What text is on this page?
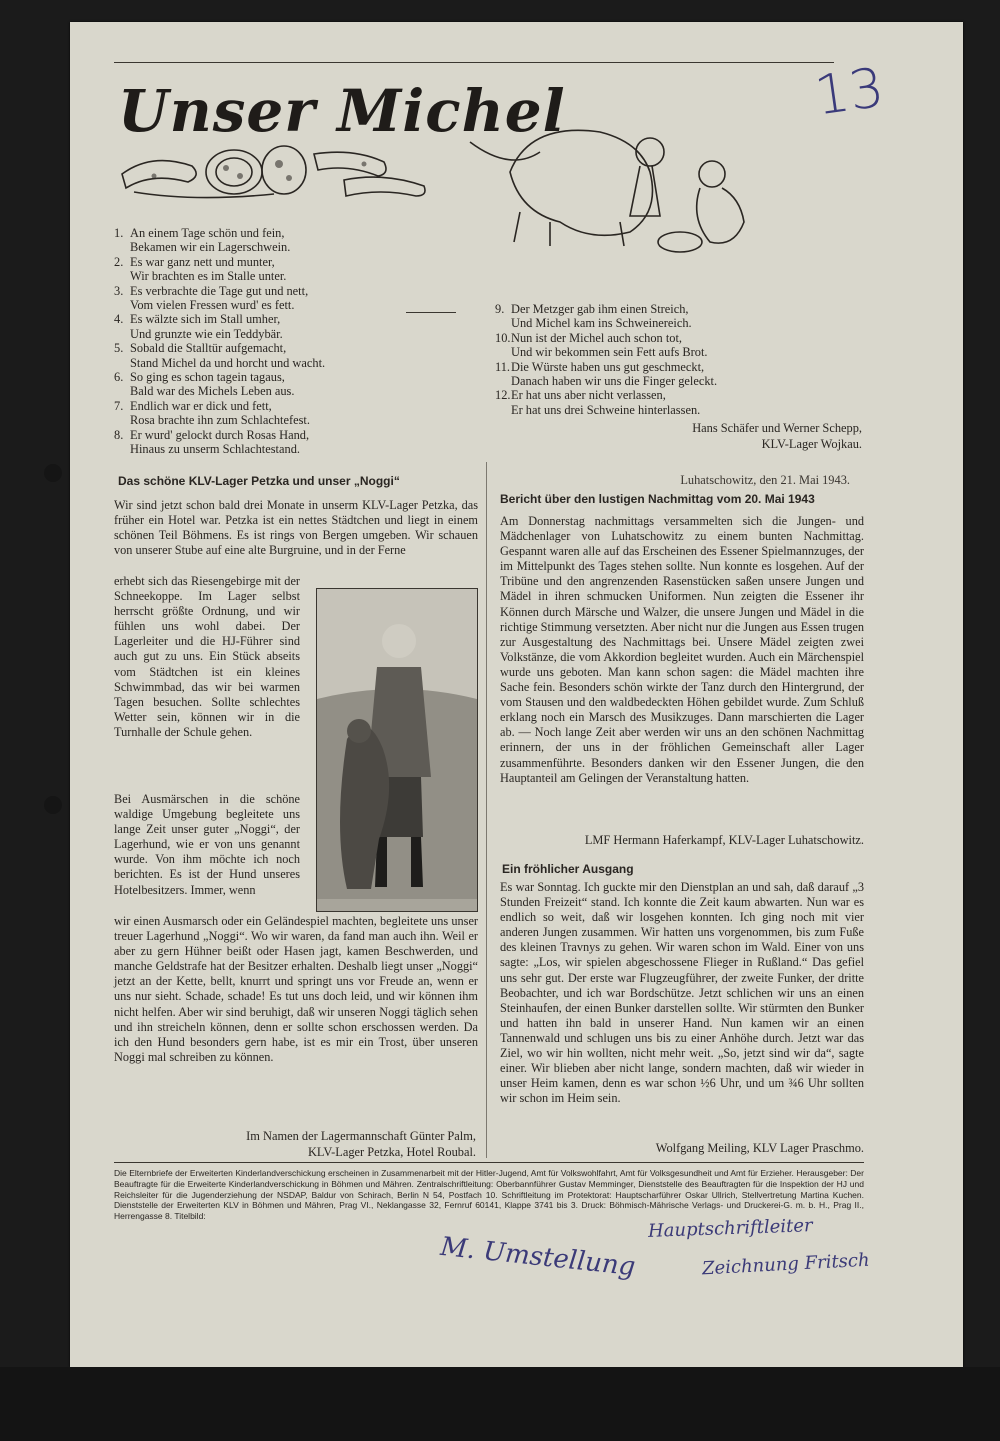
Unser Michel	13
1. An einem Tage schön und fein,
Bekamen wir ein Lagerschwein.
2. Es war ganz nett und munter,
Wir brachten es im Stalle unter.
3. Es verbrachte die Tage gut und nett,
Vom vielen Fressen wurd' es fett.
4. Es wälzte sich im Stall umher,
Und grunzte wie ein Teddybär.
5. Sobald die Stalltür aufgemacht,
Stand Michel da und horcht und wacht.
6. So ging es schon tagein tagaus,
Bald war des Michels Leben aus.
7. Endlich war er dick und fett,
Rosa brachte ihn zum Schlachtefest.
8. Er wurd' gelockt durch Rosas Hand,
Hinaus zu unserm Schlachtestand.
9. Der Metzger gab ihm einen Streich,
Und Michel kam ins Schweinereich.
10.Nun ist der Michel auch schon tot,
Und wir bekommen sein Fett aufs Brot.
11.Die Würste haben uns gut geschmeckt,
Danach haben wir uns die Finger geleckt.
12.Er hat uns aber nicht verlassen,
Er hat uns drei Schweine hinterlassen.
Hans Schäfer und Werner Schepp,
KLV-Lager Wojkau.
Das schöne KLV-Lager Petzka und unser „Noggi“
Wir sind jetzt schon bald drei Monate in unserm KLV-Lager Petzka, das früher ein Hotel war. Petzka ist ein nettes Städtchen und liegt in einem schönen Teil Böhmens. Es ist rings von Bergen umgeben. Wir schauen von unserer Stube auf eine alte Burgruine, und in der Ferne
erhebt sich das Riesengebirge mit der Schneekoppe. Im Lager selbst herrscht größte Ordnung, und wir fühlen uns wohl dabei. Der Lagerleiter und die HJ-Führer sind auch gut zu uns. Ein Stück abseits vom Städtchen ist ein kleines Schwimmbad, das wir bei warmen Tagen besuchen. Sollte schlechtes Wetter sein, können wir in die Turnhalle der Schule gehen.
Bei Ausmärschen in die schöne waldige Umgebung begleitete uns lange Zeit unser guter „Noggi“, der Lagerhund, wie er von uns genannt wurde. Von ihm möchte ich noch berichten. Es ist der Hund unseres Hotelbesitzers. Immer, wenn
wir einen Ausmarsch oder ein Geländespiel machten, begleitete uns unser treuer Lagerhund „Noggi“. Wo wir waren, da fand man auch ihn. Weil er aber zu gern Hühner beißt oder Hasen jagt, kamen Beschwerden, und manche Geldstrafe hat der Besitzer erhalten. Deshalb liegt unser „Noggi“ jetzt an der Kette, bellt, knurrt und springt uns vor Freude an, wenn er uns nur sieht. Schade, schade! Es tut uns doch leid, und wir können ihm nicht helfen. Aber wir sind beruhigt, daß wir unseren Noggi täglich sehen und ihn streicheln können, denn er sollte schon erschossen werden. Da ich den Hund besonders gern habe, ist es mir ein Trost, über unseren Noggi mal schreiben zu können.
Im Namen der Lagermannschaft Günter Palm,
KLV-Lager Petzka, Hotel Roubal.
Luhatschowitz, den 21. Mai 1943.
Bericht über den lustigen Nachmittag vom 20. Mai 1943
Am Donnerstag nachmittags versammelten sich die Jungen- und Mädchenlager von Luhatschowitz zu einem bunten Nachmittag. Gespannt waren alle auf das Erscheinen des Essener Spielmannzuges, der im Mittelpunkt des Tages stehen sollte. Nun konnte es losgehen. Auf der Tribüne und den angrenzenden Rasenstücken saßen unsere Jungen und Mädel in ihren schmucken Uniformen. Nun zeigten die Essener ihr Können durch Märsche und Walzer, die unsere Jungen und Mädel in die richtige Stimmung versetzten. Aber nicht nur die Jungen aus Essen trugen zur Ausgestaltung des Nachmittags bei. Unsere Mädel zeigten zwei Volkstänze, die vom Akkordion begleitet wurden. Auch ein Märchenspiel wurde uns geboten. Man kann schon sagen: die Mädel machten ihre Sache fein. Besonders schön wirkte der Tanz durch den Hintergrund, der vom Stausen und den waldbedeckten Höhen gebildet wurde. Zum Schluß erklang noch ein Marsch des Musikzuges. Dann marschierten die Lager ab. — Noch lange Zeit aber werden wir uns an den schönen Nachmittag erinnern, der uns in der fröhlichen Gemeinschaft aller Lager zusammenführte. Besonders danken wir den Essener Jungen, die den Hauptanteil am Gelingen der Veranstaltung hatten.
LMF Hermann Haferkampf, KLV-Lager Luhatschowitz.
Ein fröhlicher Ausgang
Es war Sonntag. Ich guckte mir den Dienstplan an und sah, daß darauf „3 Stunden Freizeit“ stand. Ich konnte die Zeit kaum abwarten. Nun war es endlich so weit, daß wir losgehen konnten. Ich ging noch mit vier anderen Jungen zusammen. Wir hatten uns vorgenommen, bis zum Fuße des kleinen Travnys zu gehen. Wir waren schon im Wald. Einer von uns sagte: „Los, wir spielen abgeschossene Flieger in Rußland.“ Das gefiel uns sehr gut. Der erste war Flugzeugführer, der zweite Funker, der dritte Beobachter, und ich war Bordschütze. Jetzt schlichen wir uns an einen Steinhaufen, der einen Bunker darstellen sollte. Wir stürmten den Bunker und hatten ihn bald in unserer Hand. Nun kamen wir an einen Tannenwald und schlugen uns bis zu einer Anhöhe durch. Jetzt war das Ziel, wo wir hin wollten, nicht mehr weit. „So, jetzt sind wir da“, sagte einer. Wir blieben aber nicht lange, sondern machten, daß wir wieder in unser Heim kamen, denn es war schon ½6 Uhr, und um ¾6 Uhr sollten wir schon im Heim sein.
Wolfgang Meiling, KLV Lager Praschmo.
Die Elternbriefe der Erweiterten Kinderlandverschickung erscheinen in Zusammenarbeit mit der Hitler-Jugend, Amt für Volkswohlfahrt, Amt für Volksgesundheit und Amt für Erzieher. Herausgeber: Der Beauftragte für die Erweiterte Kinderlandverschickung in Böhmen und Mähren. Zentralschriftleitung: Oberbannführer Gustav Memminger, Dienststelle des Beauftragten für die Inspektion der HJ und Reichsleiter für die Jugenderziehung der NSDAP, Baldur von Schirach, Berlin N 54, Postfach 10. Schriftleitung im Protektorat: Hauptscharführer Oskar Ullrich, Stellvertretung Martina Kuchen. Dienststelle der Erweiterten KLV in Böhmen und Mähren, Prag VI., Neklangasse 32, Fernruf 60141, Klappe 3741 bis 3. Druck: Böhmisch-Mährische Verlags- und Druckerei-G. m. b. H., Prag II., Herrengasse 8. Titelbild:
M. Umstellung
Hauptschriftleiter
Zeichnung Fritsch
